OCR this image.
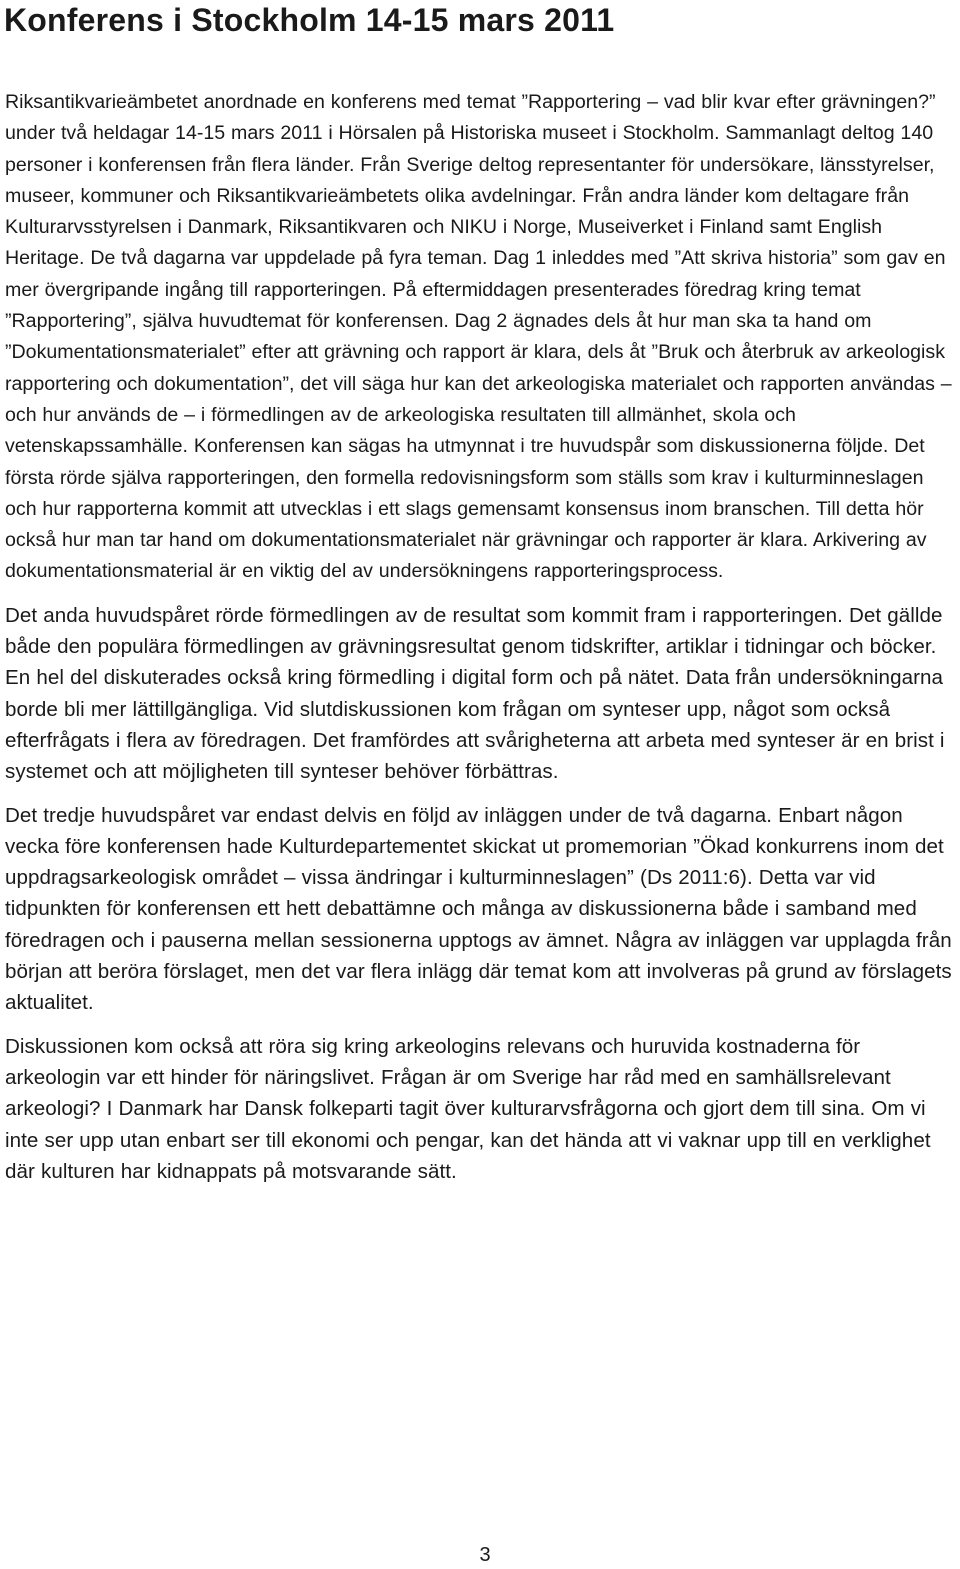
Konferens i Stockholm 14-15 mars 2011

Riksantikvarieämbetet anordnade en konferens med temat ”Rapportering – vad blir kvar efter grävningen?” under två heldagar 14-15 mars 2011 i Hörsalen på Historiska museet i Stockholm. Sammanlagt deltog 140 personer i konferensen från flera länder. Från Sverige deltog representanter för undersökare, länsstyrelser, museer, kommuner och Riksantikvarieämbetets olika avdelningar. Från andra länder kom deltagare från Kulturarvsstyrelsen i Danmark, Riksantikvaren och NIKU i Norge, Museiverket i Finland samt English Heritage. De två dagarna var uppdelade på fyra teman. Dag 1 inleddes med ”Att skriva historia” som gav en mer övergripande ingång till rapporteringen. På eftermiddagen presenterades föredrag kring temat ”Rapportering”, själva huvudtemat för konferensen. Dag 2 ägnades dels åt hur man ska ta hand om ”Dokumentationsmaterialet” efter att grävning och rapport är klara, dels åt ”Bruk och återbruk av arkeologisk rapportering och dokumentation”, det vill säga hur kan det arkeologiska materialet och rapporten användas – och hur används de – i förmedlingen av de arkeologiska resultaten till allmänhet, skola och vetenskapssamhälle. Konferensen kan sägas ha utmynnat i tre huvudspår som diskussionerna följde. Det första rörde själva rapporteringen, den formella redovisningsform som ställs som krav i kulturminneslagen och hur rapporterna kommit att utvecklas i ett slags gemensamt konsensus inom branschen. Till detta hör också hur man tar hand om dokumentationsmaterialet när grävningar och rapporter är klara. Arkivering av dokumentationsmaterial är en viktig del av undersökningens rapporteringsprocess.

Det anda huvudspåret rörde förmedlingen av de resultat som kommit fram i rapporteringen. Det gällde både den populära förmedlingen av grävningsresultat genom tidskrifter, artiklar i tidningar och böcker. En hel del diskuterades också kring förmedling i digital form och på nätet. Data från undersökningarna borde bli mer lättillgängliga. Vid slutdiskussionen kom frågan om synteser upp, något som också efterfrågats i flera av föredragen. Det framfördes att svårigheterna att arbeta med synteser är en brist i systemet och att möjligheten till synteser behöver förbättras.

Det tredje huvudspåret var endast delvis en följd av inläggen under de två dagarna. Enbart någon vecka före konferensen hade Kulturdepartementet skickat ut promemorian ”Ökad konkurrens inom det uppdragsarkeologisk området – vissa ändringar i kulturminneslagen” (Ds 2011:6). Detta var vid tidpunkten för konferensen ett hett debattämne och många av diskussionerna både i samband med föredragen och i pauserna mellan sessionerna upptogs av ämnet. Några av inläggen var upplagda från början att beröra förslaget, men det var flera inlägg där temat kom att involveras på grund av förslagets aktualitet.

Diskussionen kom också att röra sig kring arkeologins relevans och huruvida kostnaderna för arkeologin var ett hinder för näringslivet. Frågan är om Sverige har råd med en samhällsrelevant arkeologi? I Danmark har Dansk folkeparti tagit över kulturarvsfrågorna och gjort dem till sina. Om vi inte ser upp utan enbart ser till ekonomi och pengar, kan det hända att vi vaknar upp till en verklighet där kulturen har kidnappats på motsvarande sätt.

3
